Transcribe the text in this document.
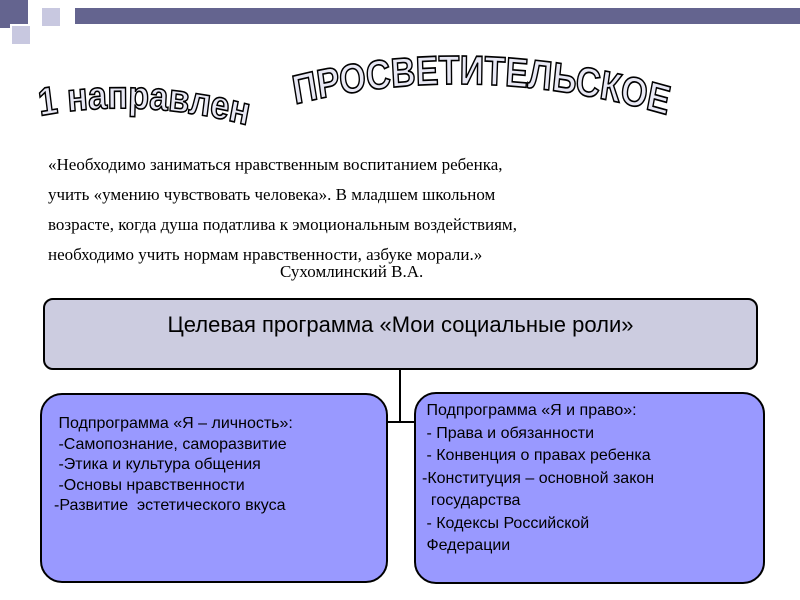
1 направлен ПРОСВЕТИТЕЛЬСКОЕ
«Необходимо заниматься нравственным воспитанием ребенка,
учить «умению чувствовать человека». В младшем школьном
возрасте, когда душа податлива к эмоциональным воздействиям,
необходимо учить нормам нравственности, азбуке морали.»
Сухомлинский В.А.
Целевая программа «Мои социальные роли»
Подпрограмма «Я – личность»:
-Самопознание, саморазвитие
-Этика и культура общения
-Основы нравственности
-Развитие  эстетического вкуса
Подпрограмма «Я и право»:
- Права и обязанности
- Конвенция о правах ребенка
-Конституция – основной закон
государства
- Кодексы Российской
Федерации
